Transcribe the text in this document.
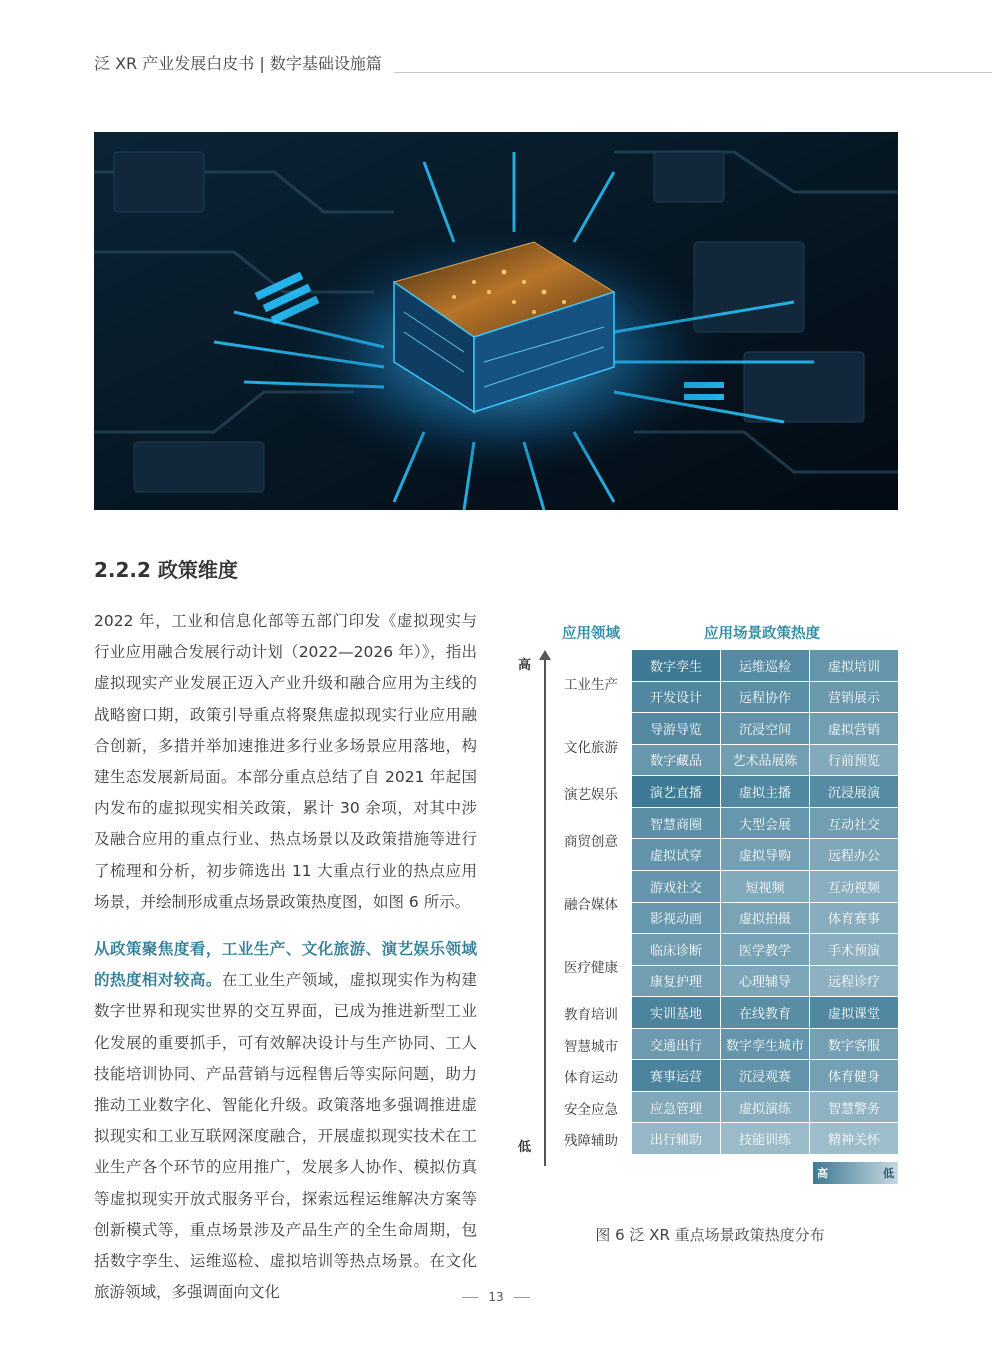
泛 XR 产业发展白皮书 | 数字基础设施篇
2.2.2 政策维度

2022 年，工业和信息化部等五部门印发《虚拟现实与行业应用融合发展行动计划（2022—2026 年）》，指出虚拟现实产业发展正迈入产业升级和融合应用为主线的战略窗口期，政策引导重点将聚焦虚拟现实行业应用融合创新，多措并举加速推进多行业多场景应用落地，构建生态发展新局面。本部分重点总结了自 2021 年起国内发布的虚拟现实相关政策，累计 30 余项，对其中涉及融合应用的重点行业、热点场景以及政策措施等进行了梳理和分析，初步筛选出 11 大重点行业的热点应用场景，并绘制形成重点场景政策热度图，如图 6 所示。

从政策聚焦度看，工业生产、文化旅游、演艺娱乐领域的热度相对较高。在工业生产领域，虚拟现实作为构建数字世界和现实世界的交互界面，已成为推进新型工业化发展的重要抓手，可有效解决设计与生产协同、工人技能培训协同、产品营销与远程售后等实际问题，助力推动工业数字化、智能化升级。政策落地多强调推进虚拟现实和工业互联网深度融合，开展虚拟现实技术在工业生产各个环节的应用推广，发展多人协作、模拟仿真等虚拟现实开放式服务平台，探索远程运维解决方案等创新模式等，重点场景涉及产品生产的全生命周期，包括数字孪生、运维巡检、虚拟培训等热点场景。在文化旅游领域，多强调面向文化

应用领域	应用场景政策热度
高
低
工业生产
文化旅游
演艺娱乐
商贸创意
融合媒体
医疗健康
教育培训
智慧城市
体育运动
安全应急
残障辅助
数字孪生	运维巡检	虚拟培训
开发设计	远程协作	营销展示
导游导览	沉浸空间	虚拟营销
数字藏品	艺术品展陈	行前预览
演艺直播	虚拟主播	沉浸展演
智慧商圈	大型会展	互动社交
虚拟试穿	虚拟导购	远程办公
游戏社交	短视频	互动视频
影视动画	虚拟拍摄	体育赛事
临床诊断	医学教学	手术预演
康复护理	心理辅导	远程诊疗
实训基地	在线教育	虚拟课堂
交通出行	数字孪生城市	数字客服
赛事运营	沉浸观赛	体育健身
应急管理	虚拟演练	智慧警务
出行辅助	技能训练	精神关怀
高	低
图 6 泛 XR 重点场景政策热度分布
13
